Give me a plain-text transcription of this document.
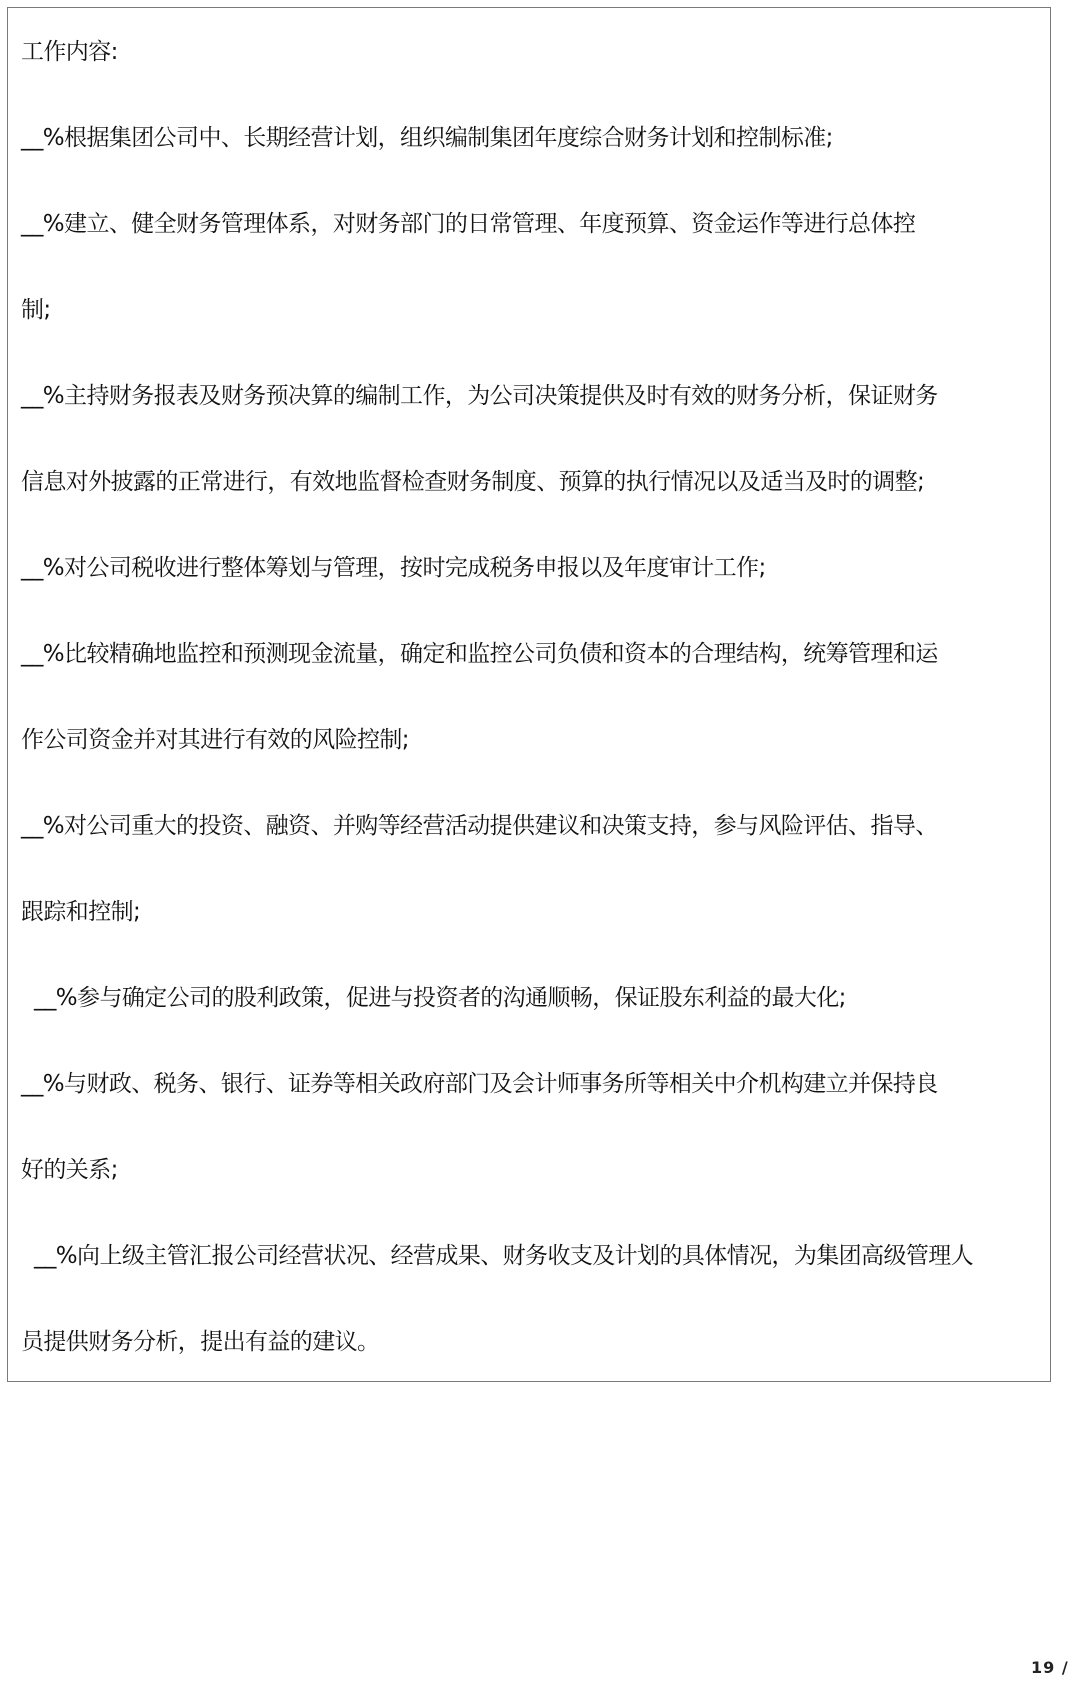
工作内容:
__%根据集团公司中、长期经营计划，组织编制集团年度综合财务计划和控制标准;
__%建立、健全财务管理体系，对财务部门的日常管理、年度预算、资金运作等进行总体控
制;
__%主持财务报表及财务预决算的编制工作，为公司决策提供及时有效的财务分析，保证财务
信息对外披露的正常进行，有效地监督检查财务制度、预算的执行情况以及适当及时的调整;
__%对公司税收进行整体筹划与管理，按时完成税务申报以及年度审计工作;
__%比较精确地监控和预测现金流量，确定和监控公司负债和资本的合理结构，统筹管理和运
作公司资金并对其进行有效的风险控制;
__%对公司重大的投资、融资、并购等经营活动提供建议和决策支持，参与风险评估、指导、
跟踪和控制;
__%参与确定公司的股利政策，促进与投资者的沟通顺畅，保证股东利益的最大化;
__%与财政、税务、银行、证券等相关政府部门及会计师事务所等相关中介机构建立并保持良
好的关系;
__%向上级主管汇报公司经营状况、经营成果、财务收支及计划的具体情况，为集团高级管理人
员提供财务分析，提出有益的建议。
19 /
